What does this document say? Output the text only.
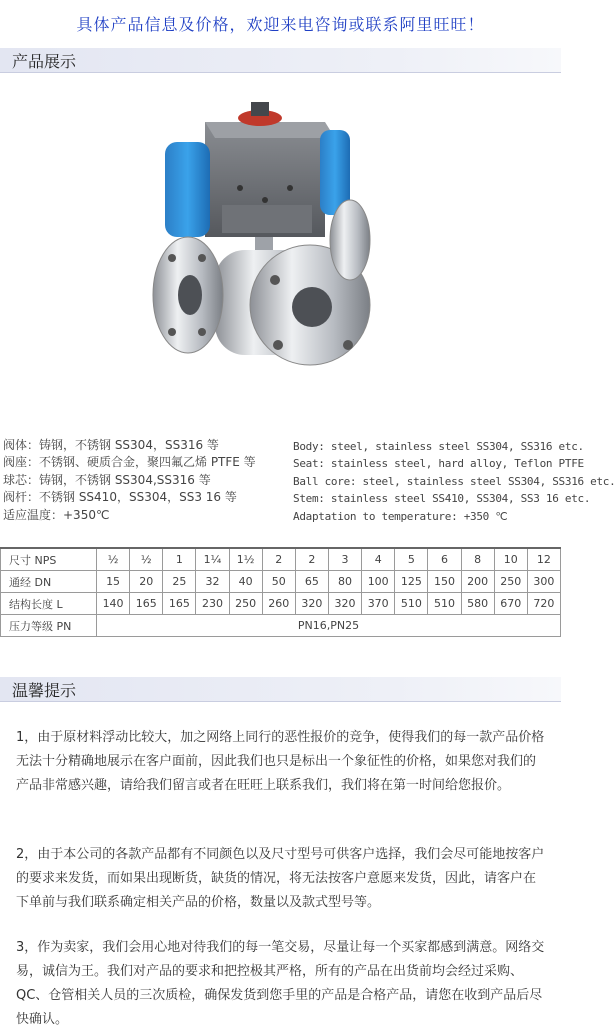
具体产品信息及价格，欢迎来电咨询或联系阿里旺旺！
产品展示
阀体：铸钢，不锈钢 SS304，SS316 等
阀座：不锈钢、硬质合金，聚四氟乙烯 PTFE 等
球芯：铸钢，不锈钢 SS304,SS316 等
阀杆：不锈钢 SS410，SS304，SS3 16 等
适应温度：+350℃
Body: steel, stainless steel SS304, SS316 etc.
Seat: stainless steel, hard alloy, Teflon PTFE
Ball core: steel, stainless steel SS304, SS316 etc.
Stem: stainless steel SS410, SS304, SS3 16 etc.
Adaptation to temperature: +350 ℃
尺寸 NPS	½	½	1	1¼	1½	2	2	3	4	5	6	8	10	12
通经 DN	15	20	25	32	40	50	65	80	100	125	150	200	250	300
结构长度 L	140	165	165	230	250	260	320	320	370	510	510	580	670	720
压力等级 PN	PN16,PN25													
温馨提示

1，由于原材料浮动比较大，加之网络上同行的恶性报价的竞争，使得我们的每一款产品价格无法十分精确地展示在客户面前，因此我们也只是标出一个象征性的价格，如果您对我们的产品非常感兴趣，请给我们留言或者在旺旺上联系我们，我们将在第一时间给您报价。

2，由于本公司的各款产品都有不同颜色以及尺寸型号可供客户选择，我们会尽可能地按客户的要求来发货，而如果出现断货，缺货的情况，将无法按客户意愿来发货，因此，请客户在下单前与我们联系确定相关产品的价格，数量以及款式型号等。

3，作为卖家，我们会用心地对待我们的每一笔交易，尽量让每一个买家都感到满意。网络交易，诚信为王。我们对产品的要求和把控极其严格，所有的产品在出货前均会经过采购、QC、仓管相关人员的三次质检，确保发货到您手里的产品是合格产品，请您在收到产品后尽快确认。
